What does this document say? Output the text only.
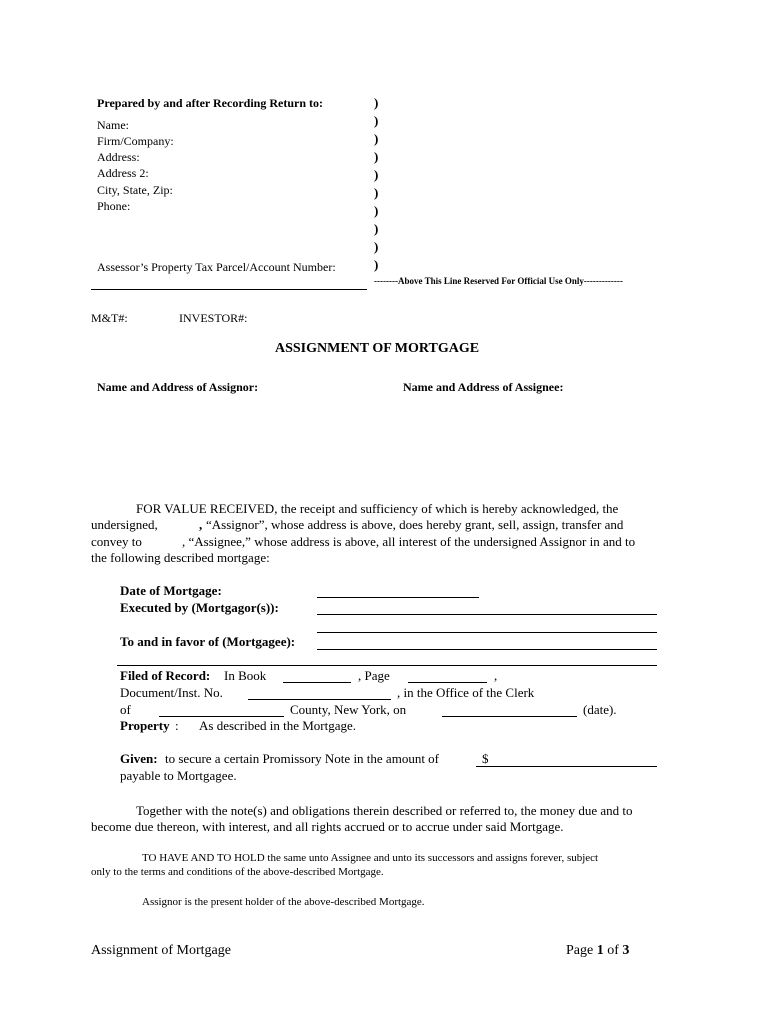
Prepared by and after Recording Return to:
Name:
Firm/Company:
Address:
Address 2:
City, State, Zip:
Phone:
Assessor’s Property Tax Parcel/Account Number:
)
)
)
)
)
)
)
)
)
)
--------Above This Line Reserved For Official Use Only-------------
M&T#:	INVESTOR#:
ASSIGNMENT OF MORTGAGE
Name and Address of Assignor:	Name and Address of Assignee:
FOR VALUE RECEIVED, the receipt and sufficiency of which is hereby acknowledged, the
undersigned,	, “Assignor”, whose address is above, does hereby grant, sell, assign, transfer and
convey to	, “Assignee,” whose address is above, all interest of the undersigned Assignor in and to
the following described mortgage:
Date of Mortgage:
Executed by (Mortgagor(s)):
To and in favor of (Mortgagee):
Filed of Record: In Book	, Page	,
Document/Inst. No.	, in the Office of the Clerk
of	County, New York, on	(date).
Property : As described in the Mortgage.
Given: to secure a certain Promissory Note in the amount of	$
payable to Mortgagee.
Together with the note(s) and obligations therein described or referred to, the money due and to
become due thereon, with interest, and all rights accrued or to accrue under said Mortgage.
TO HAVE AND TO HOLD the same unto Assignee and unto its successors and assigns forever, subject
only to the terms and conditions of the above-described Mortgage.
Assignor is the present holder of the above-described Mortgage.
Assignment of Mortgage	Page 1 of 3
